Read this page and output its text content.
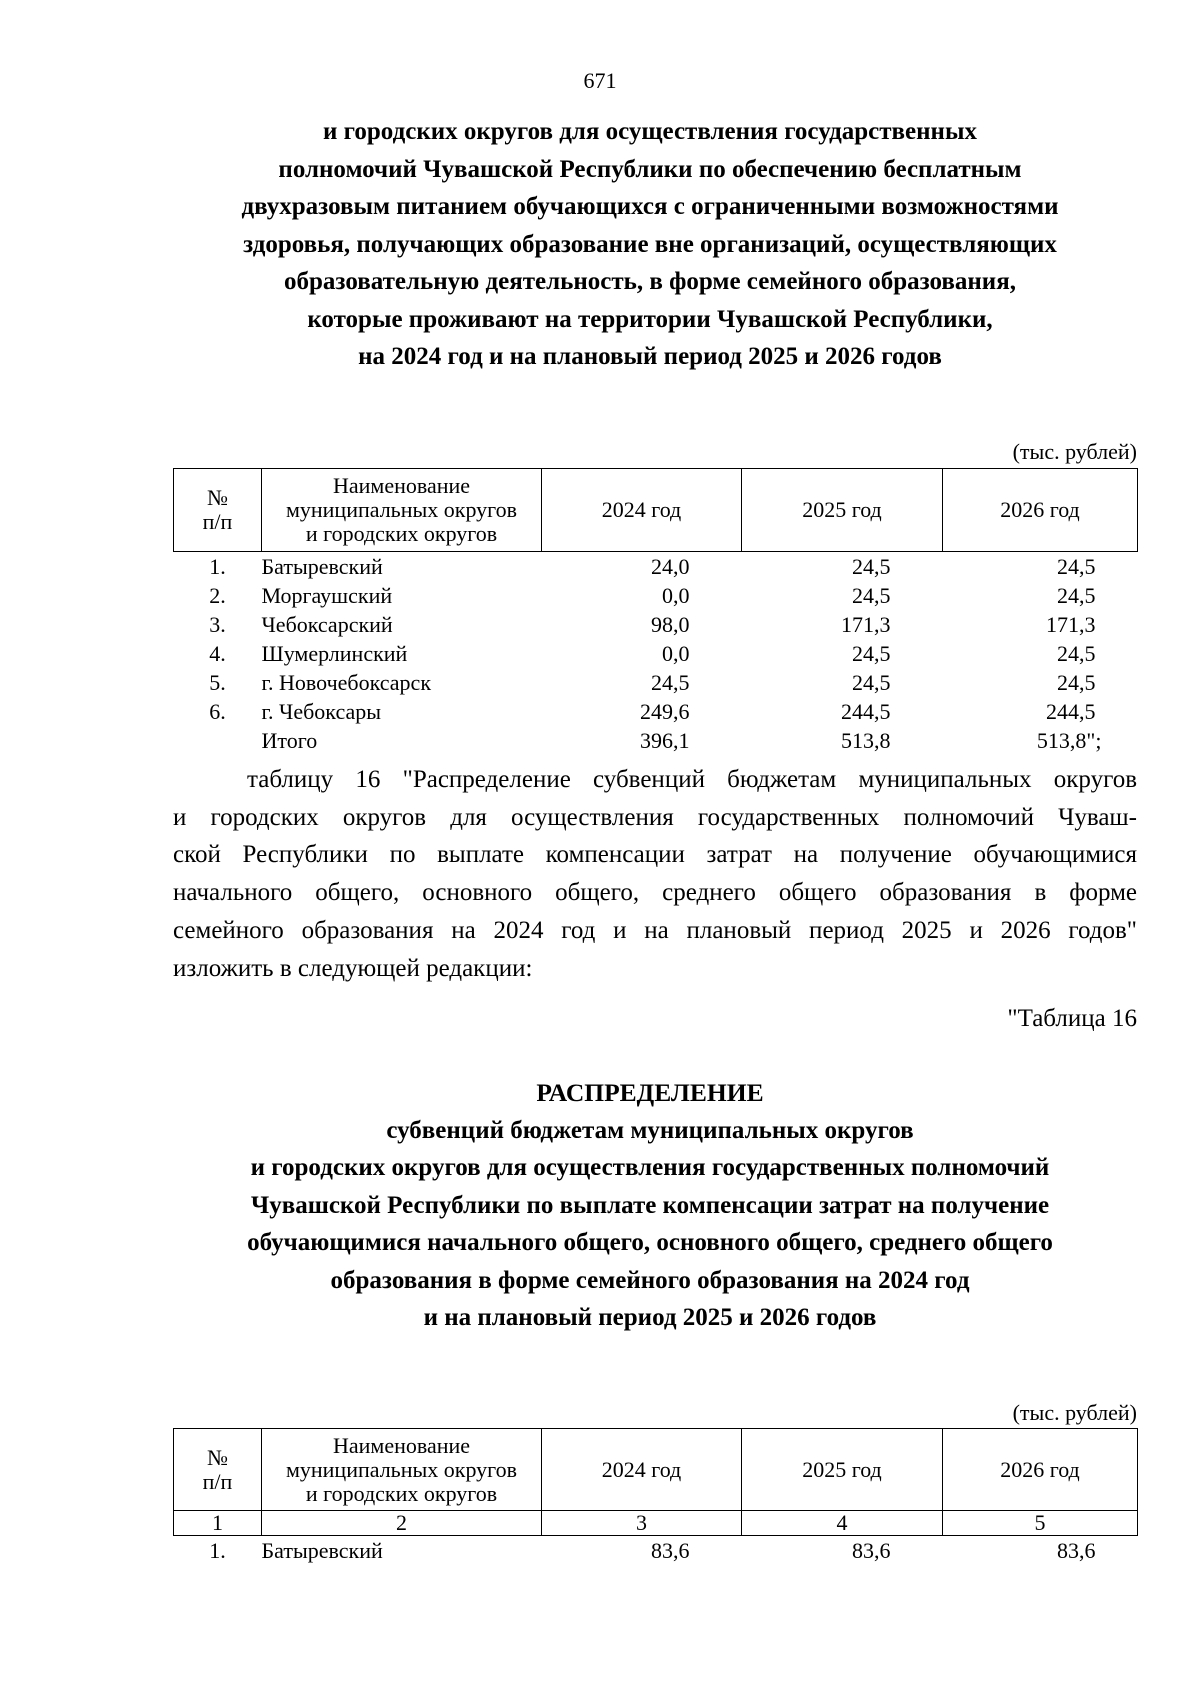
671
и городских округов для осуществления государственных
полномочий Чувашской Республики по обеспечению бесплатным
двухразовым питанием обучающихся с ограниченными возможностями
здоровья, получающих образование вне организаций, осуществляющих
образовательную деятельность, в форме семейного образования,
которые проживают на территории Чувашской Республики,
на 2024 год и на плановый период 2025 и 2026 годов
(тыс. рублей)
№
п/п	Наименование
муниципальных округов
и городских округов	2024 год	2025 год	2026 год
1.	Батыревский	24,0	24,5	24,5
2.	Моргаушский	0,0	24,5	24,5
3.	Чебоксарский	98,0	171,3	171,3
4.	Шумерлинский	0,0	24,5	24,5
5.	г. Новочебоксарск	24,5	24,5	24,5
6.	г. Чебоксары	249,6	244,5	244,5
	Итого	396,1	513,8	513,8";
таблицу 16 "Распределение субвенций бюджетам муниципальных округов
и городских округов для осуществления государственных полномочий Чуваш-
ской Республики по выплате компенсации затрат на получение обучающимися
начального общего, основного общего, среднего общего образования в форме
семейного образования на 2024 год и на плановый период 2025 и 2026 годов"
изложить в следующей редакции:
"Таблица 16
РАСПРЕДЕЛЕНИЕ
субвенций бюджетам муниципальных округов
и городских округов для осуществления государственных полномочий
Чувашской Республики по выплате компенсации затрат на получение
обучающимися начального общего, основного общего, среднего общего
образования в форме семейного образования на 2024 год
и на плановый период 2025 и 2026 годов
(тыс. рублей)
№
п/п	Наименование
муниципальных округов
и городских округов	2024 год	2025 год	2026 год
1	2	3	4	5
1.	Батыревский	83,6	83,6	83,6
